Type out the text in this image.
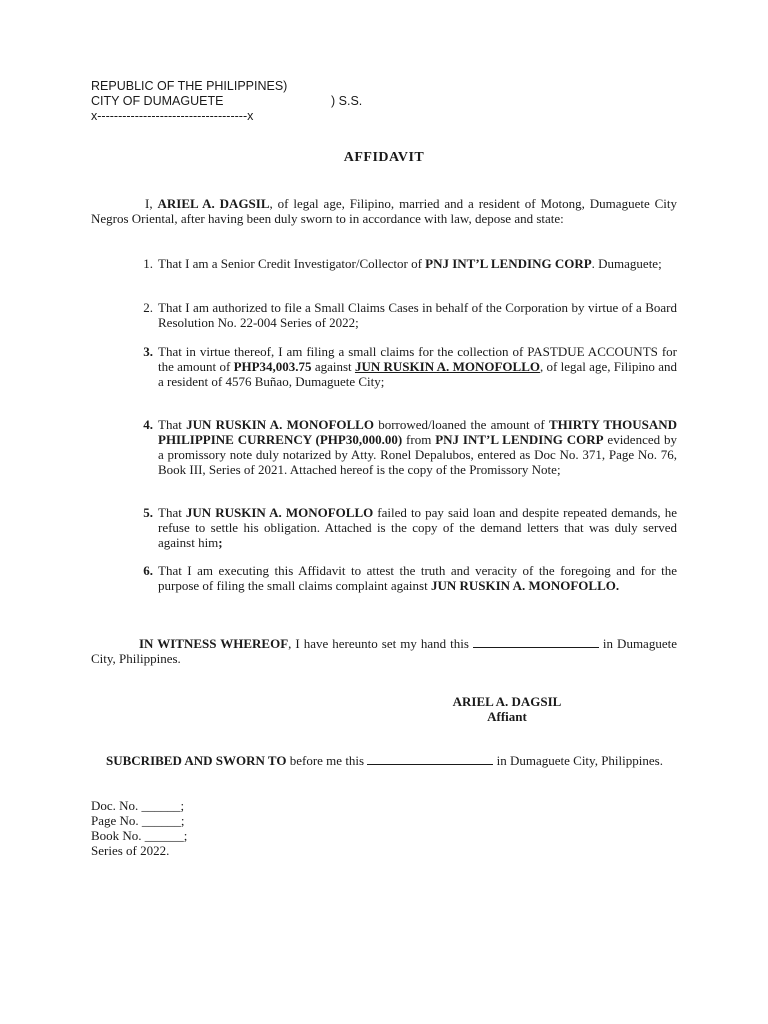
REPUBLIC OF THE PHILIPPINES)
CITY OF DUMAGUETE	) S.S.
x------------------------------------x
AFFIDAVIT
I, ARIEL A. DAGSIL, of legal age, Filipino, married and a resident of Motong, Dumaguete City Negros Oriental, after having been duly sworn to in accordance with law, depose and state:
1. That I am a Senior Credit Investigator/Collector of PNJ INT’L LENDING CORP. Dumaguete;
2. That I am authorized to file a Small Claims Cases in behalf of the Corporation by virtue of a Board Resolution No. 22-004 Series of 2022;
3. That in virtue thereof, I am filing a small claims for the collection of PASTDUE ACCOUNTS for the amount of PHP34,003.75 against JUN RUSKIN A. MONOFOLLO, of legal age, Filipino and a resident of 4576 Buñao, Dumaguete City;
4. That JUN RUSKIN A. MONOFOLLO borrowed/loaned the amount of THIRTY THOUSAND PHILIPPINE CURRENCY (PHP30,000.00) from PNJ INT’L LENDING CORP evidenced by a promissory note duly notarized by Atty. Ronel Depalubos, entered as Doc No. 371, Page No. 76, Book III, Series of 2021. Attached hereof is the copy of the Promissory Note;
5. That JUN RUSKIN A. MONOFOLLO failed to pay said loan and despite repeated demands, he refuse to settle his obligation. Attached is the copy of the demand letters that was duly served against him;
6. That I am executing this Affidavit to attest the truth and veracity of the foregoing and for the purpose of filing the small claims complaint against JUN RUSKIN A. MONOFOLLO.
IN WITNESS WHEREOF, I have hereunto set my hand this	in Dumaguete City, Philippines.
ARIEL A. DAGSIL
Affiant
SUBCRIBED AND SWORN TO before me this	in Dumaguete City, Philippines.
Doc. No. ______;
Page No. ______;
Book No. ______;
Series of 2022.
